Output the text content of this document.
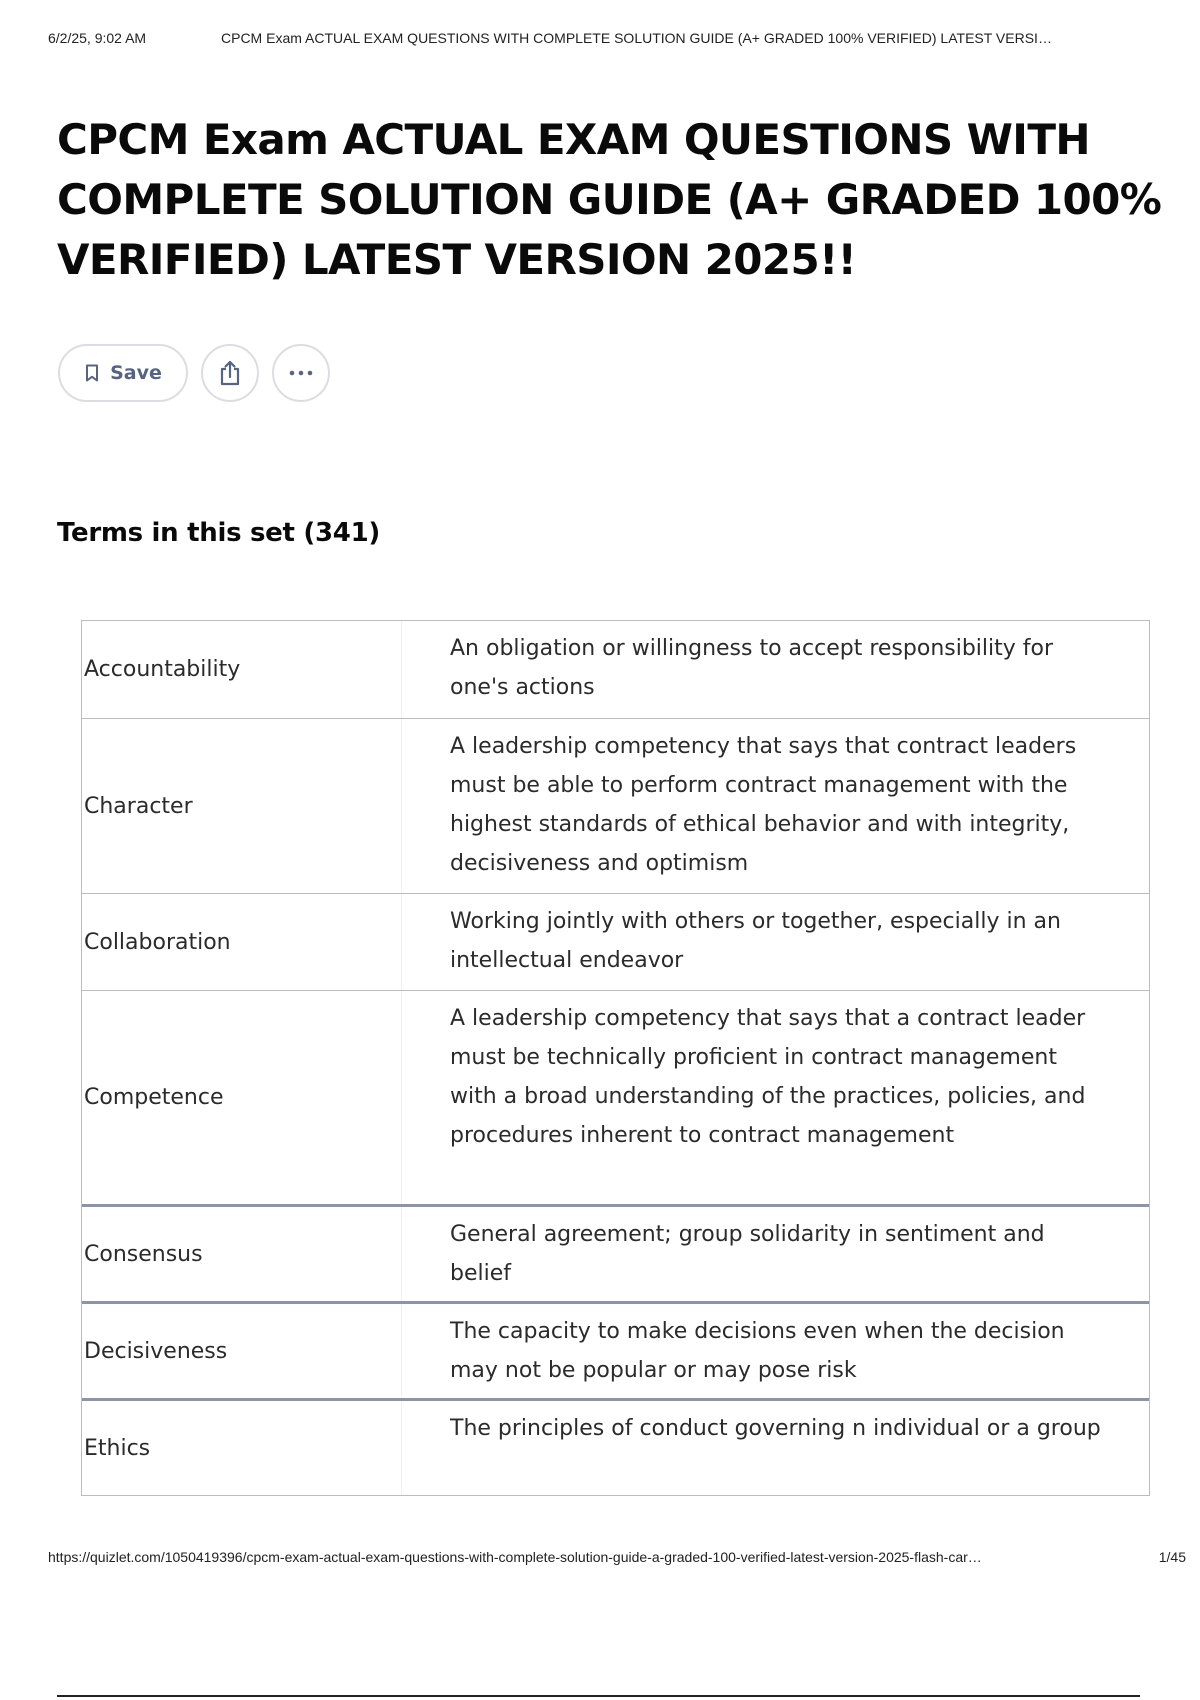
6/2/25, 9:02 AM	CPCM Exam ACTUAL EXAM QUESTIONS WITH COMPLETE SOLUTION GUIDE (A+ GRADED 100% VERIFIED) LATEST VERSI…
CPCM Exam ACTUAL EXAM QUESTIONS WITH COMPLETE SOLUTION GUIDE (A+ GRADED 100% VERIFIED) LATEST VERSION 2025!!
Save
Terms in this set (341)
Accountability
An obligation or willingness to accept responsibility for one's actions
Character
A leadership competency that says that contract leaders must be able to perform contract management with the highest standards of ethical behavior and with integrity, decisiveness and optimism
Collaboration
Working jointly with others or together, especially in an intellectual endeavor
Competence
A leadership competency that says that a contract leader must be technically proficient in contract management with a broad understanding of the practices, policies, and procedures inherent to contract management
Consensus
General agreement; group solidarity in sentiment and belief
Decisiveness
The capacity to make decisions even when the decision may not be popular or may pose risk
Ethics
The principles of conduct governing n individual or a group
https://quizlet.com/1050419396/cpcm-exam-actual-exam-questions-with-complete-solution-guide-a-graded-100-verified-latest-version-2025-flash-car…	1/45
